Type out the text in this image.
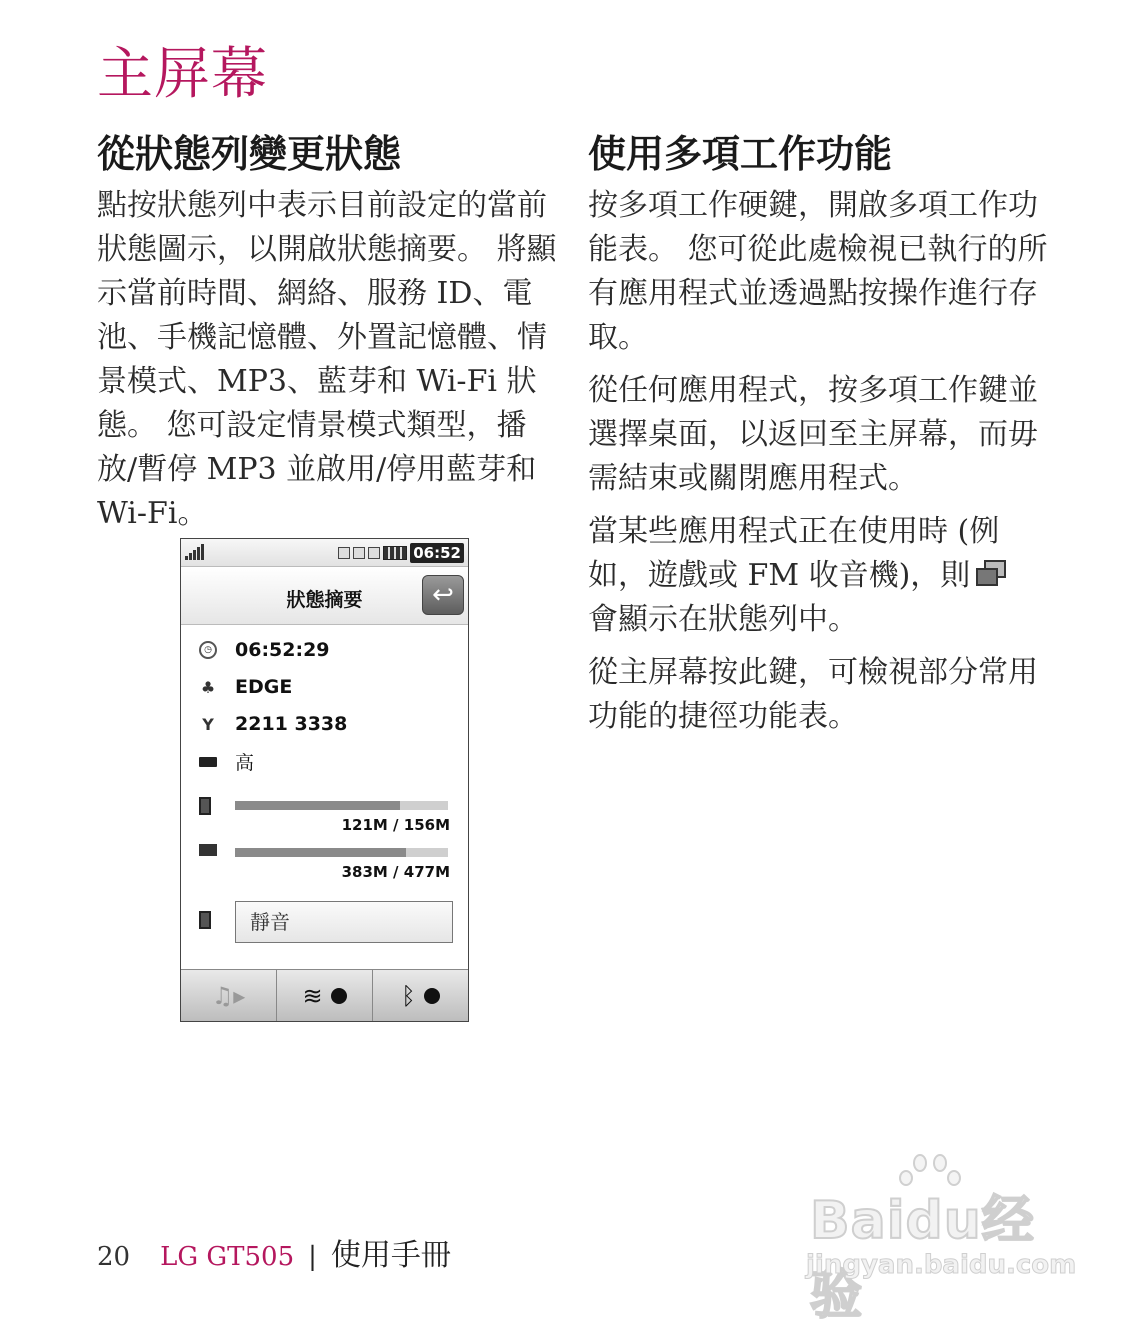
主屏幕
從狀態列變更狀態

點按狀態列中表示目前設定的當前狀態圖示，以開啟狀態摘要。 將顯示當前時間、網絡、服務 ID、電池、手機記憶體、外置記憶體、情景模式、MP3、藍芽和 Wi-Fi 狀態。 您可設定情景模式類型，播放/暫停 MP3 並啟用/停用藍芽和 Wi-Fi。

使用多項工作功能

按多項工作硬鍵，開啟多項工作功能表。 您可從此處檢視已執行的所有應用程式並透過點按操作進行存取。

從任何應用程式，按多項工作鍵並選擇桌面，以返回至主屏幕，而毋需結束或關閉應用程式。

當某些應用程式正在使用時 (例如，遊戲或 FM 收音機)，則

會顯示在狀態列中。

從主屏幕按此鍵，可檢視部分常用功能的捷徑功能表。

06:52
狀態摘要	↩
◷ 06:52:29
♣ EDGE
Y 2211 3338
高
121M / 156M
383M / 477M
靜音
♫▸ ≋	ᛒ
20 LG GT505 | 使用手冊
Baidu经验
jingyan.baidu.com
